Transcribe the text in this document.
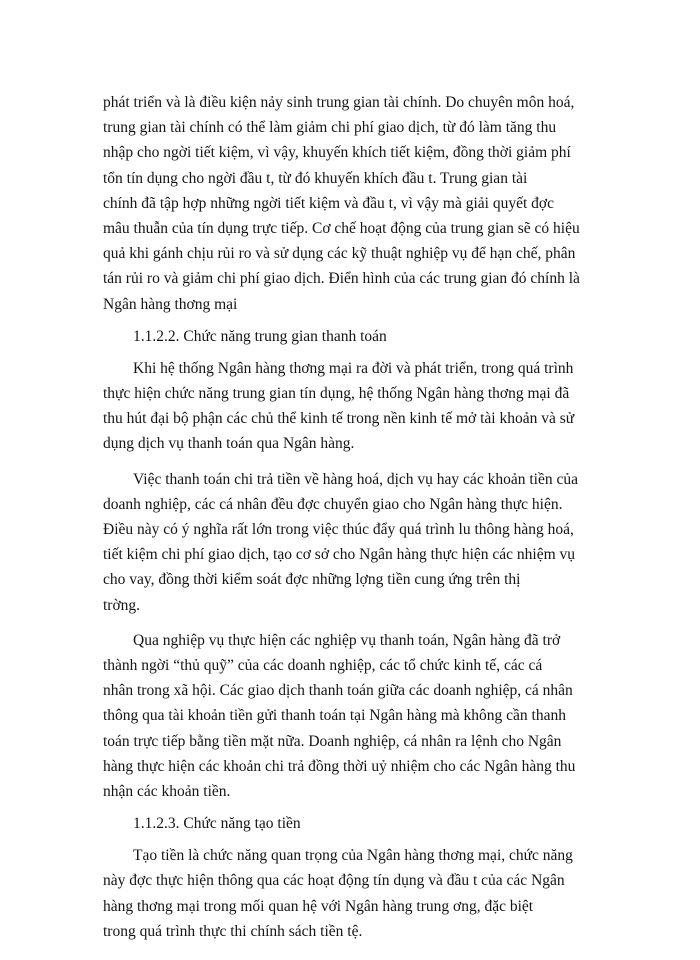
phát triển và là điều kiện nảy sinh trung gian tài chính. Do chuyên môn hoá,
trung gian tài chính có thể làm giảm chi phí giao dịch, từ đó làm tăng thu
nhập cho ngời tiết kiệm, vì vậy, khuyến khích tiết kiệm, đồng thời giảm phí
tổn tín dụng cho ngời đầu t, từ đó khuyến khích đầu t. Trung gian tài
chính đã tập hợp những ngời tiết kiệm và đầu t, vì vậy mà giải quyết đợc
mâu thuẫn của tín dụng trực tiếp. Cơ chế hoạt động của trung gian sẽ có hiệu
quả khi gánh chịu rủi ro và sử dụng các kỹ thuật nghiệp vụ để hạn chế, phân
tán rủi ro và giảm chi phí giao dịch. Điển hình của các trung gian đó chính là
Ngân hàng thơng mại
1.1.2.2. Chức năng trung gian thanh toán
Khi hệ thống Ngân hàng thơng mại ra đời và phát triển, trong quá trình
thực hiện chức năng trung gian tín dụng, hệ thống Ngân hàng thơng mại đã
thu hút đại bộ phận các chủ thể kinh tế trong nền kinh tế mở tài khoản và sử
dụng dịch vụ thanh toán qua Ngân hàng.
Việc thanh toán chi trả tiền về hàng hoá, dịch vụ hay các khoản tiền của
doanh nghiệp, các cá nhân đều đợc chuyển giao cho Ngân hàng thực hiện.
Điều này có ý nghĩa rất lớn trong việc thúc đẩy quá trình lu thông hàng hoá,
tiết kiệm chi phí giao dịch, tạo cơ sở cho Ngân hàng thực hiện các nhiệm vụ
cho vay, đồng thời kiểm soát đợc những lợng tiền cung ứng trên thị
trờng.
Qua nghiệp vụ thực hiện các nghiệp vụ thanh toán, Ngân hàng đã trở
thành ngời “thủ quỹ” của các doanh nghiệp, các tổ chức kinh tế, các cá
nhân trong xã hội. Các giao dịch thanh toán giữa các doanh nghiệp, cá nhân
thông qua tài khoản tiền gửi thanh toán tại Ngân hàng mà không cần thanh
toán trực tiếp bằng tiền mặt nữa. Doanh nghiệp, cá nhân ra lệnh cho Ngân
hàng thực hiện các khoản chi trả đồng thời uỷ nhiệm cho các Ngân hàng thu
nhận các khoản tiền.
1.1.2.3. Chức năng tạo tiền
Tạo tiền là chức năng quan trọng của Ngân hàng thơng mại, chức năng
này đợc thực hiện thông qua các hoạt động tín dụng và đầu t của các Ngân
hàng thơng mại trong mối quan hệ với Ngân hàng trung ơng, đặc biệt
trong quá trình thực thi chính sách tiền tệ.
